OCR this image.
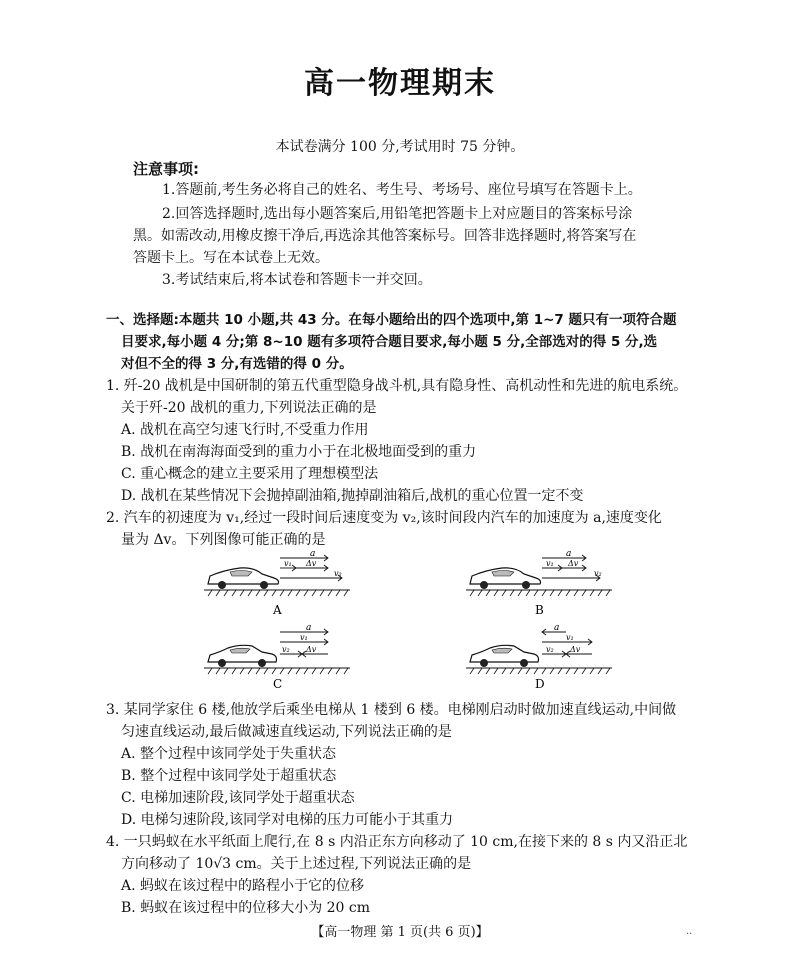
高一物理期末
本试卷满分 100 分,考试用时 75 分钟。
注意事项:
1.答题前,考生务必将自己的姓名、考生号、考场号、座位号填写在答题卡上。
2.回答选择题时,选出每小题答案后,用铅笔把答题卡上对应题目的答案标号涂
黑。如需改动,用橡皮擦干净后,再选涂其他答案标号。回答非选择题时,将答案写在
答题卡上。写在本试卷上无效。
3.考试结束后,将本试卷和答题卡一并交回。
一、选择题:本题共 10 小题,共 43 分。在每小题给出的四个选项中,第 1~7 题只有一项符合题
目要求,每小题 4 分;第 8~10 题有多项符合题目要求,每小题 5 分,全部选对的得 5 分,选
对但不全的得 3 分,有选错的得 0 分。
1. 歼-20 战机是中国研制的第五代重型隐身战斗机,具有隐身性、高机动性和先进的航电系统。
关于歼-20 战机的重力,下列说法正确的是
A. 战机在高空匀速飞行时,不受重力作用
B. 战机在南海海面受到的重力小于在北极地面受到的重力
C. 重心概念的建立主要采用了理想模型法
D. 战机在某些情况下会抛掉副油箱,抛掉副油箱后,战机的重心位置一定不变
2. 汽车的初速度为 v₁,经过一段时间后速度变为 v₂,该时间段内汽车的加速度为 a,速度变化
量为 Δv。下列图像可能正确的是
a
v₁ Δv
v₂
A
a
v₁ Δv
v₂
B
a
v₁
v₂ Δv
C
a
v₁
v₂ Δv
D
3. 某同学家住 6 楼,他放学后乘坐电梯从 1 楼到 6 楼。电梯刚启动时做加速直线运动,中间做
匀速直线运动,最后做减速直线运动,下列说法正确的是
A. 整个过程中该同学处于失重状态
B. 整个过程中该同学处于超重状态
C. 电梯加速阶段,该同学处于超重状态
D. 电梯匀速阶段,该同学对电梯的压力可能小于其重力
4. 一只蚂蚁在水平纸面上爬行,在 8 s 内沿正东方向移动了 10 cm,在接下来的 8 s 内又沿正北
方向移动了 10√3 cm。关于上述过程,下列说法正确的是
A. 蚂蚁在该过程中的路程小于它的位移
B. 蚂蚁在该过程中的位移大小为 20 cm
【高一物理 第 1 页(共 6 页)】	··
